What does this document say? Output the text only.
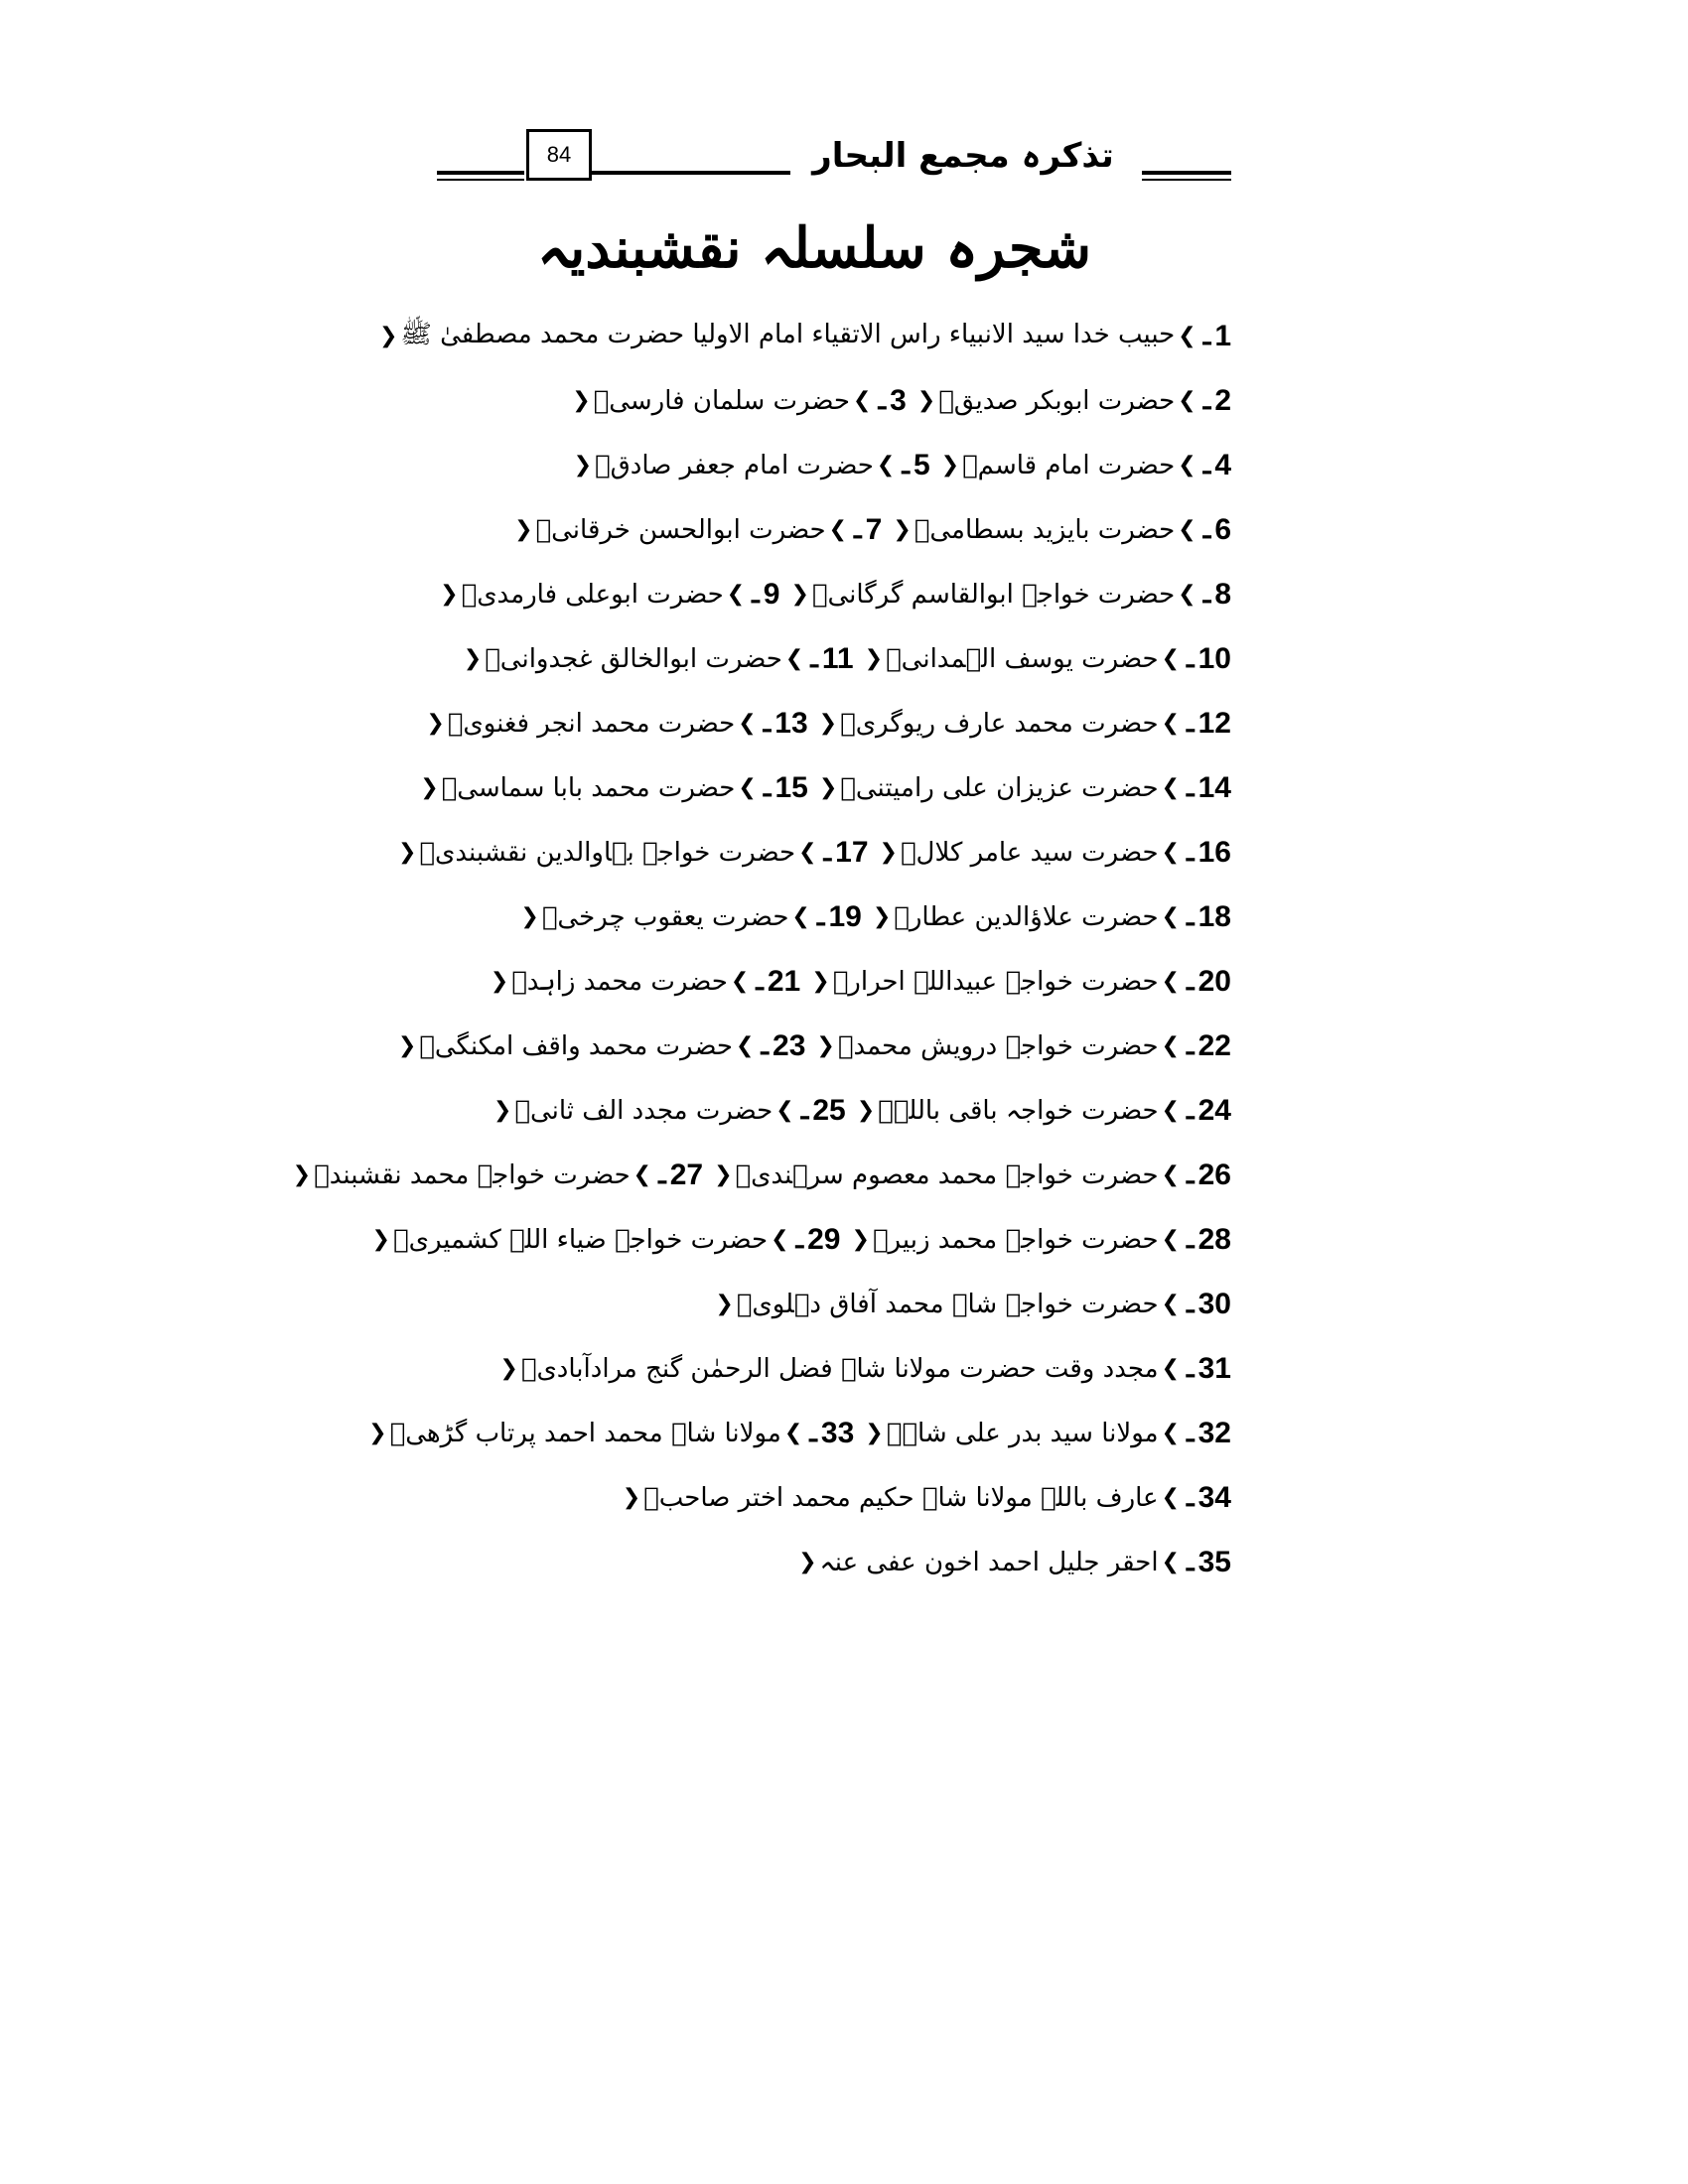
84	تذکرہ مجمع البحار
شجرہ سلسلہ نقشبندیہ
1
ـ
❯
حبیب خدا سید الانبیاء راس الاتقیاء امام الاولیا حضرت محمد مصطفیٰ ﷺ
❮
2
ـ
❯
حضرت ابوبکر صدیقؓ
❮
3
ـ
❯
حضرت سلمان فارسیؓ
❮
4
ـ
❯
حضرت امام قاسمؒ
❮
5
ـ
❯
حضرت امام جعفر صادقؒ
❮
6
ـ
❯
حضرت بایزید بسطامیؒ
❮
7
ـ
❯
حضرت ابوالحسن خرقانیؒ
❮
8
ـ
❯
حضرت خواجہ ابوالقاسم گرگانیؒ
❮
9
ـ
❯
حضرت ابوعلی فارمدیؒ
❮
10
ـ
❯
حضرت یوسف الہمدانیؒ
❮
11
ـ
❯
حضرت ابوالخالق غجدوانیؒ
❮
12
ـ
❯
حضرت محمد عارف ریوگریؒ
❮
13
ـ
❯
حضرت محمد انجر فغنویؒ
❮
14
ـ
❯
حضرت عزیزان علی رامیتنیؒ
❮
15
ـ
❯
حضرت محمد بابا سماسیؒ
❮
16
ـ
❯
حضرت سید عامر کلالؒ
❮
17
ـ
❯
حضرت خواجہ بہاوالدین نقشبندیؒ
❮
18
ـ
❯
حضرت علاؤالدین عطارؒ
❮
19
ـ
❯
حضرت یعقوب چرخیؒ
❮
20
ـ
❯
حضرت خواجہ عبیداللہ احرارؒ
❮
21
ـ
❯
حضرت محمد زاہدؒ
❮
22
ـ
❯
حضرت خواجہ درویش محمدؒ
❮
23
ـ
❯
حضرت محمد واقف امکنگیؒ
❮
24
ـ
❯
حضرت خواجہ باقی باللہؒ
❮
25
ـ
❯
حضرت مجدد الف ثانیؒ
❮
26
ـ
❯
حضرت خواجہ محمد معصوم سرہندیؒ
❮
27
ـ
❯
حضرت خواجہ محمد نقشبندؒ
❮
28
ـ
❯
حضرت خواجہ محمد زبیرؒ
❮
29
ـ
❯
حضرت خواجہ ضیاء اللہ کشمیریؒ
❮
30
ـ
❯
حضرت خواجہ شاہ محمد آفاق دہلویؒ
❮
31
ـ
❯
مجدد وقت حضرت مولانا شاہ فضل الرحمٰن گنج مرادآبادیؒ
❮
32
ـ
❯
مولانا سید بدر علی شاہؒ
❮
33
ـ
❯
مولانا شاہ محمد احمد پرتاب گڑھیؒ
❮
34
ـ
❯
عارف باللہ مولانا شاہ حکیم محمد اختر صاحبؒ
❮
35
ـ
❯
احقر جلیل احمد اخون عفی عنہ
❮
